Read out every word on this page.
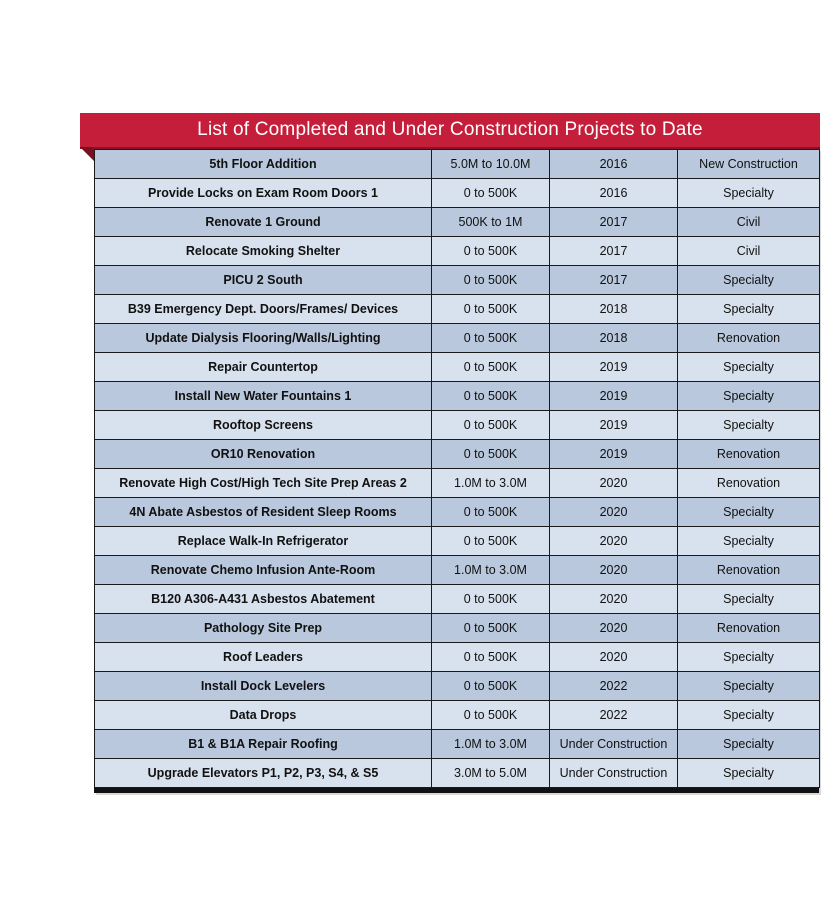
List of Completed and Under Construction Projects to Date
5th Floor Addition	5.0M to 10.0M	2016	New Construction
Provide Locks on Exam Room Doors 1	0 to 500K	2016	Specialty
Renovate 1 Ground	500K to 1M	2017	Civil
Relocate Smoking Shelter	0 to 500K	2017	Civil
PICU 2 South	0 to 500K	2017	Specialty
B39 Emergency Dept. Doors/Frames/ Devices	0 to 500K	2018	Specialty
Update Dialysis Flooring/Walls/Lighting	0 to 500K	2018	Renovation
Repair Countertop	0 to 500K	2019	Specialty
Install New Water Fountains 1	0 to 500K	2019	Specialty
Rooftop Screens	0 to 500K	2019	Specialty
OR10 Renovation	0 to 500K	2019	Renovation
Renovate High Cost/High Tech Site Prep Areas 2	1.0M to 3.0M	2020	Renovation
4N Abate Asbestos of Resident Sleep Rooms	0 to 500K	2020	Specialty
Replace Walk-In Refrigerator	0 to 500K	2020	Specialty
Renovate Chemo Infusion Ante-Room	1.0M to 3.0M	2020	Renovation
B120 A306-A431 Asbestos Abatement	0 to 500K	2020	Specialty
Pathology Site Prep	0 to 500K	2020	Renovation
Roof Leaders	0 to 500K	2020	Specialty
Install Dock Levelers	0 to 500K	2022	Specialty
Data Drops	0 to 500K	2022	Specialty
B1 & B1A Repair Roofing	1.0M to 3.0M	Under Construction	Specialty
Upgrade Elevators P1, P2, P3, S4, & S5	3.0M to 5.0M	Under Construction	Specialty
